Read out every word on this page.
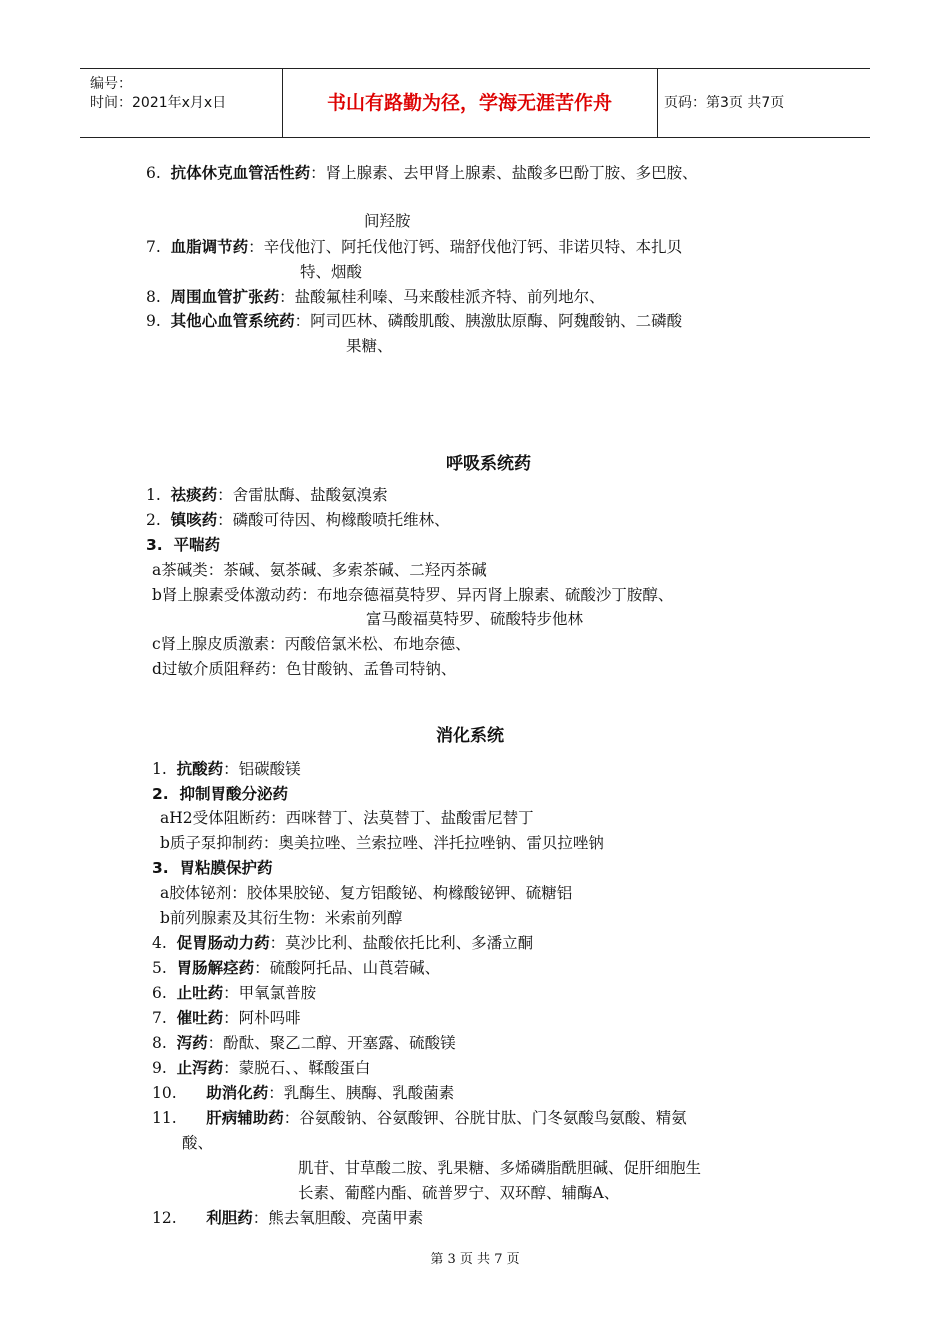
编号：
时间：2021年x月x日	书山有路勤为径，学海无涯苦作舟	页码：第3页 共7页
6. 抗体休克血管活性药：肾上腺素、去甲肾上腺素、盐酸多巴酚丁胺、多巴胺、
间羟胺
7. 血脂调节药：辛伐他汀、阿托伐他汀钙、瑞舒伐他汀钙、非诺贝特、本扎贝
特、烟酸
8. 周围血管扩张药：盐酸氟桂利嗪、马来酸桂派齐特、前列地尔、
9. 其他心血管系统药：阿司匹林、磷酸肌酸、胰激肽原酶、阿魏酸钠、二磷酸
果糖、
呼吸系统药
1. 祛痰药：舍雷肽酶、盐酸氨溴索
2. 镇咳药：磷酸可待因、枸橼酸喷托维林、
3. 平喘药
a茶碱类：茶碱、氨茶碱、多索茶碱、二羟丙茶碱
b肾上腺素受体激动药：布地奈德福莫特罗、异丙肾上腺素、硫酸沙丁胺醇、
富马酸福莫特罗、硫酸特步他林
c肾上腺皮质激素：丙酸倍氯米松、布地奈德、
d过敏介质阻释药：色甘酸钠、孟鲁司特钠、
消化系统
1. 抗酸药：铝碳酸镁
2. 抑制胃酸分泌药
aH2受体阻断药：西咪替丁、法莫替丁、盐酸雷尼替丁
b质子泵抑制药：奥美拉唑、兰索拉唑、泮托拉唑钠、雷贝拉唑钠
3. 胃粘膜保护药
a胶体铋剂：胶体果胶铋、复方铝酸铋、枸橼酸铋钾、硫糖铝
b前列腺素及其衍生物：米索前列醇
4. 促胃肠动力药：莫沙比利、盐酸依托比利、多潘立酮
5. 胃肠解痉药：硫酸阿托品、山莨菪碱、
6. 止吐药：甲氧氯普胺
7. 催吐药：阿朴吗啡
8. 泻药：酚酞、聚乙二醇、开塞露、硫酸镁
9. 止泻药：蒙脱石、、鞣酸蛋白
10. 助消化药：乳酶生、胰酶、乳酸菌素
11. 肝病辅助药：谷氨酸钠、谷氨酸钾、谷胱甘肽、门冬氨酸鸟氨酸、精氨
酸、
肌苷、甘草酸二胺、乳果糖、多烯磷脂酰胆碱、促肝细胞生
长素、葡醛内酯、硫普罗宁、双环醇、辅酶A、
12. 利胆药：熊去氧胆酸、亮菌甲素
第 3 页 共 7 页
